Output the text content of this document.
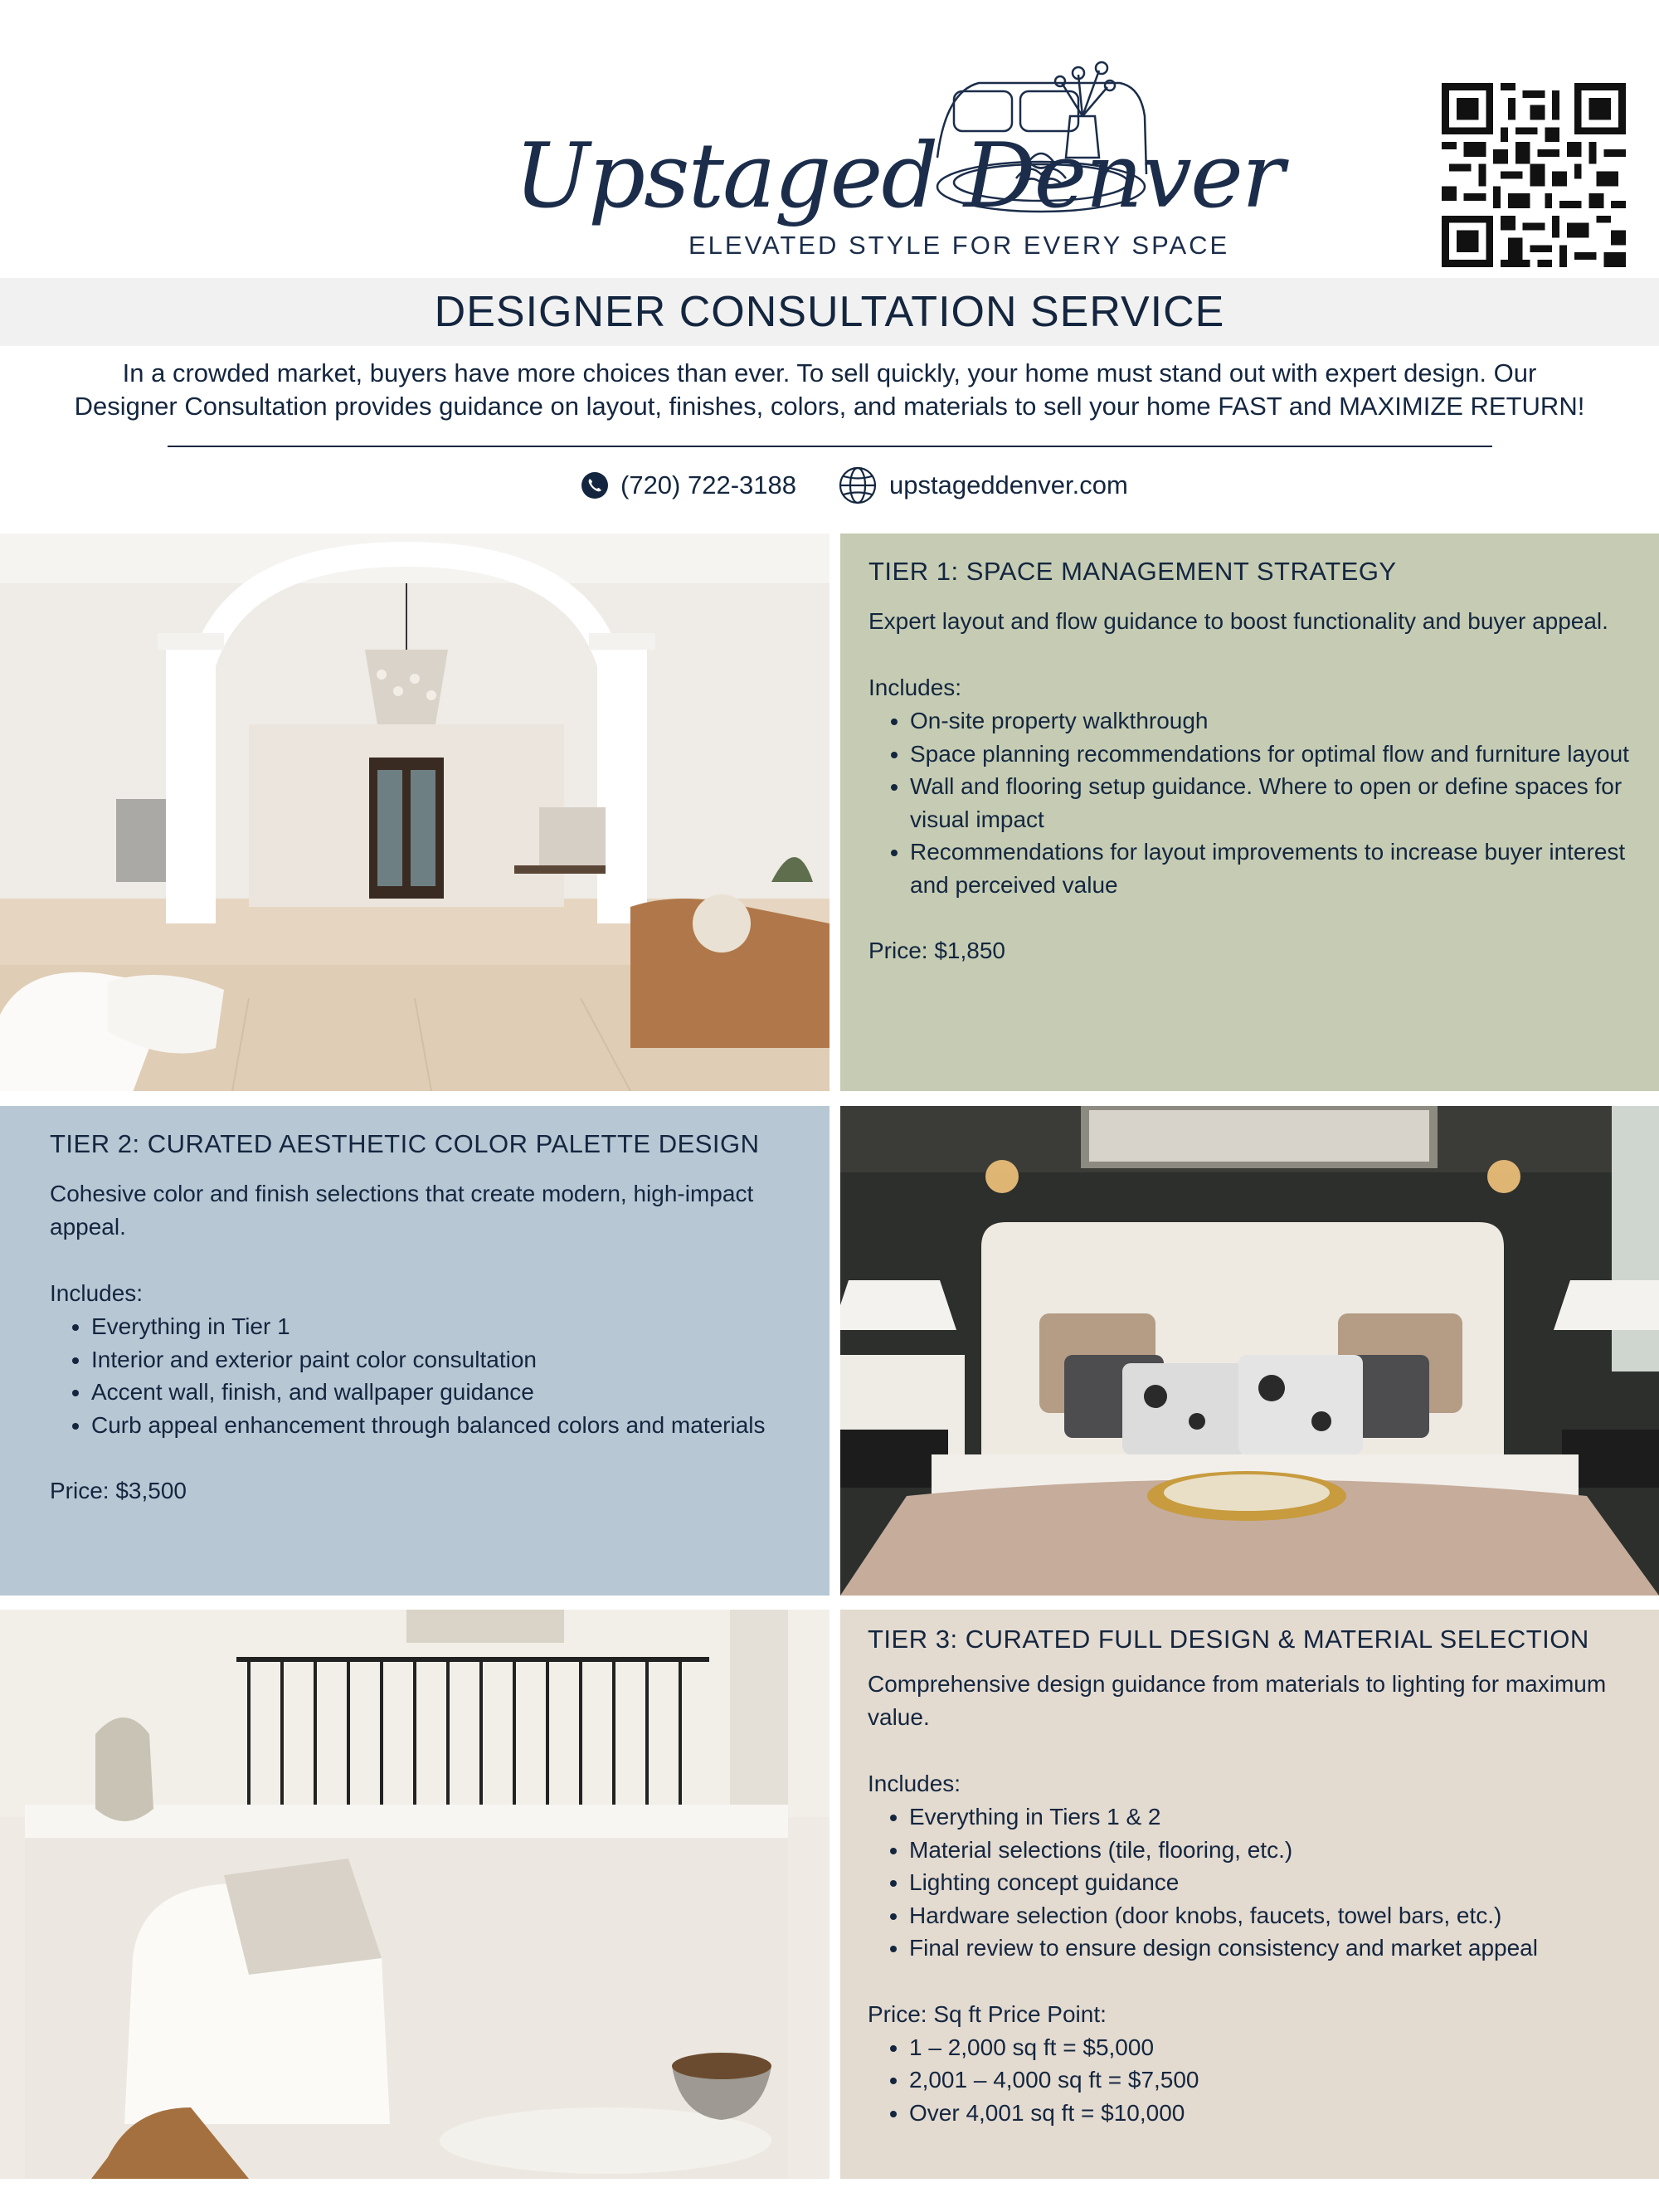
Upstaged Denver
ELEVATED STYLE FOR EVERY SPACE
DESIGNER CONSULTATION SERVICE
In a crowded market, buyers have more choices than ever. To sell quickly, your home must stand out with expert design. Our
Designer Consultation provides guidance on layout, finishes, colors, and materials to sell your home FAST and MAXIMIZE RETURN!
(720) 722-3188	upstageddenver.com
TIER 1: SPACE MANAGEMENT STRATEGY
Expert layout and flow guidance to boost functionality and buyer appeal.
Includes:
• On-site property walkthrough
• Space planning recommendations for optimal flow and furniture layout
• Wall and flooring setup guidance. Where to open or define spaces for visual impact
• Recommendations for layout improvements to increase buyer interest and perceived value
Price: $1,850
TIER 2: CURATED AESTHETIC COLOR PALETTE DESIGN
Cohesive color and finish selections that create modern, high-impact appeal.
Includes:
• Everything in Tier 1
• Interior and exterior paint color consultation
• Accent wall, finish, and wallpaper guidance
• Curb appeal enhancement through balanced colors and materials
Price: $3,500
TIER 3: CURATED FULL DESIGN & MATERIAL SELECTION
Comprehensive design guidance from materials to lighting for maximum value.
Includes:
• Everything in Tiers 1 & 2
• Material selections (tile, flooring, etc.)
• Lighting concept guidance
• Hardware selection (door knobs, faucets, towel bars, etc.)
• Final review to ensure design consistency and market appeal
Price: Sq ft Price Point:
• 1 – 2,000 sq ft = $5,000
• 2,001 – 4,000 sq ft = $7,500
• Over 4,001 sq ft = $10,000
